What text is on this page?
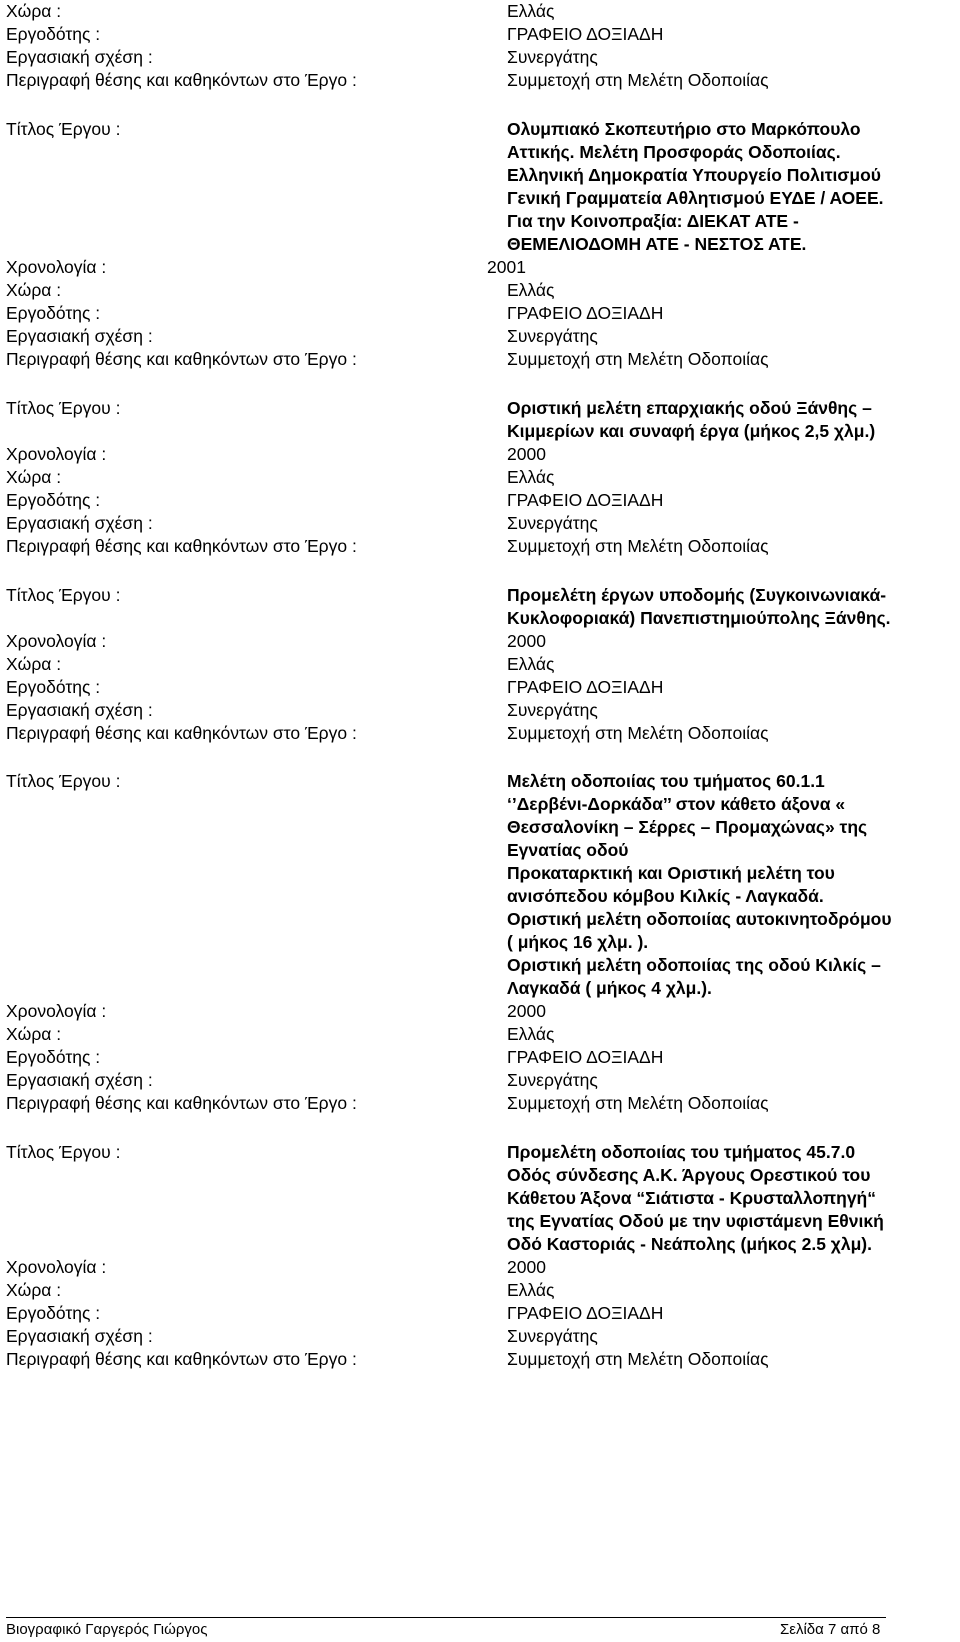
Χώρα :	Ελλάς
Εργοδότης :	ΓΡΑΦΕΙΟ ΔΟΞΙΑΔΗ
Εργασιακή σχέση :	Συνεργάτης
Περιγραφή θέσης και καθηκόντων στο Έργο :	Συμμετοχή στη Μελέτη Οδοποιίας
Τίτλος Έργου :	Ολυμπιακό Σκοπευτήριο στο Μαρκόπουλο
Αττικής. Μελέτη Προσφοράς Οδοποιίας.
Ελληνική Δημοκρατία Υπουργείο Πολιτισμού
Γενική Γραμματεία Αθλητισμού ΕΥΔΕ / ΑΟΕΕ.
Για την Κοινοπραξία: ΔΙΕΚΑΤ ΑΤΕ -
ΘΕΜΕΛΙΟΔΟΜΗ ΑΤΕ - ΝΕΣΤΟΣ ΑΤΕ.
Χρονολογία :	2001
Χώρα :	Ελλάς
Εργοδότης :	ΓΡΑΦΕΙΟ ΔΟΞΙΑΔΗ
Εργασιακή σχέση :	Συνεργάτης
Περιγραφή θέσης και καθηκόντων στο Έργο :	Συμμετοχή στη Μελέτη Οδοποιίας
Τίτλος Έργου :	Οριστική μελέτη επαρχιακής οδού Ξάνθης –
Κιμμερίων και συναφή έργα (μήκος 2,5 χλμ.)
Χρονολογία :	2000
Χώρα :	Ελλάς
Εργοδότης :	ΓΡΑΦΕΙΟ ΔΟΞΙΑΔΗ
Εργασιακή σχέση :	Συνεργάτης
Περιγραφή θέσης και καθηκόντων στο Έργο :	Συμμετοχή στη Μελέτη Οδοποιίας
Τίτλος Έργου :	Προμελέτη έργων υποδομής (Συγκοινωνιακά-
Κυκλοφοριακά) Πανεπιστημιούπολης Ξάνθης.
Χρονολογία :	2000
Χώρα :	Ελλάς
Εργοδότης :	ΓΡΑΦΕΙΟ ΔΟΞΙΑΔΗ
Εργασιακή σχέση :	Συνεργάτης
Περιγραφή θέσης και καθηκόντων στο Έργο :	Συμμετοχή στη Μελέτη Οδοποιίας
Τίτλος Έργου :	Μελέτη οδοποιίας του τμήματος 60.1.1
‘’Δερβένι-Δορκάδα’’ στον κάθετο άξονα «
Θεσσαλονίκη – Σέρρες – Προμαχώνας» της
Εγνατίας οδού
Προκαταρκτική και Οριστική μελέτη του
ανισόπεδου κόμβου Κιλκίς - Λαγκαδά.
Οριστική μελέτη οδοποιίας αυτοκινητοδρόμου
( μήκος 16 χλμ. ).
Οριστική μελέτη οδοποιίας της οδού Κιλκίς –
Λαγκαδά ( μήκος 4 χλμ.).
Χρονολογία :	2000
Χώρα :	Ελλάς
Εργοδότης :	ΓΡΑΦΕΙΟ ΔΟΞΙΑΔΗ
Εργασιακή σχέση :	Συνεργάτης
Περιγραφή θέσης και καθηκόντων στο Έργο :	Συμμετοχή στη Μελέτη Οδοποιίας
Τίτλος Έργου :	Προμελέτη οδοποιίας του τμήματος 45.7.0
Οδός σύνδεσης Α.Κ. Άργους Ορεστικού του
Κάθετου Άξονα “Σιάτιστα - Κρυσταλλοπηγή“
της Εγνατίας Οδού με την υφιστάμενη Εθνική
Οδό Καστοριάς - Νεάπολης (μήκος 2.5 χλμ).
Χρονολογία :	2000
Χώρα :	Ελλάς
Εργοδότης :	ΓΡΑΦΕΙΟ ΔΟΞΙΑΔΗ
Εργασιακή σχέση :	Συνεργάτης
Περιγραφή θέσης και καθηκόντων στο Έργο :	Συμμετοχή στη Μελέτη Οδοποιίας
Βιογραφικό Γαργερός Γιώργος	Σελίδα 7 από 8
